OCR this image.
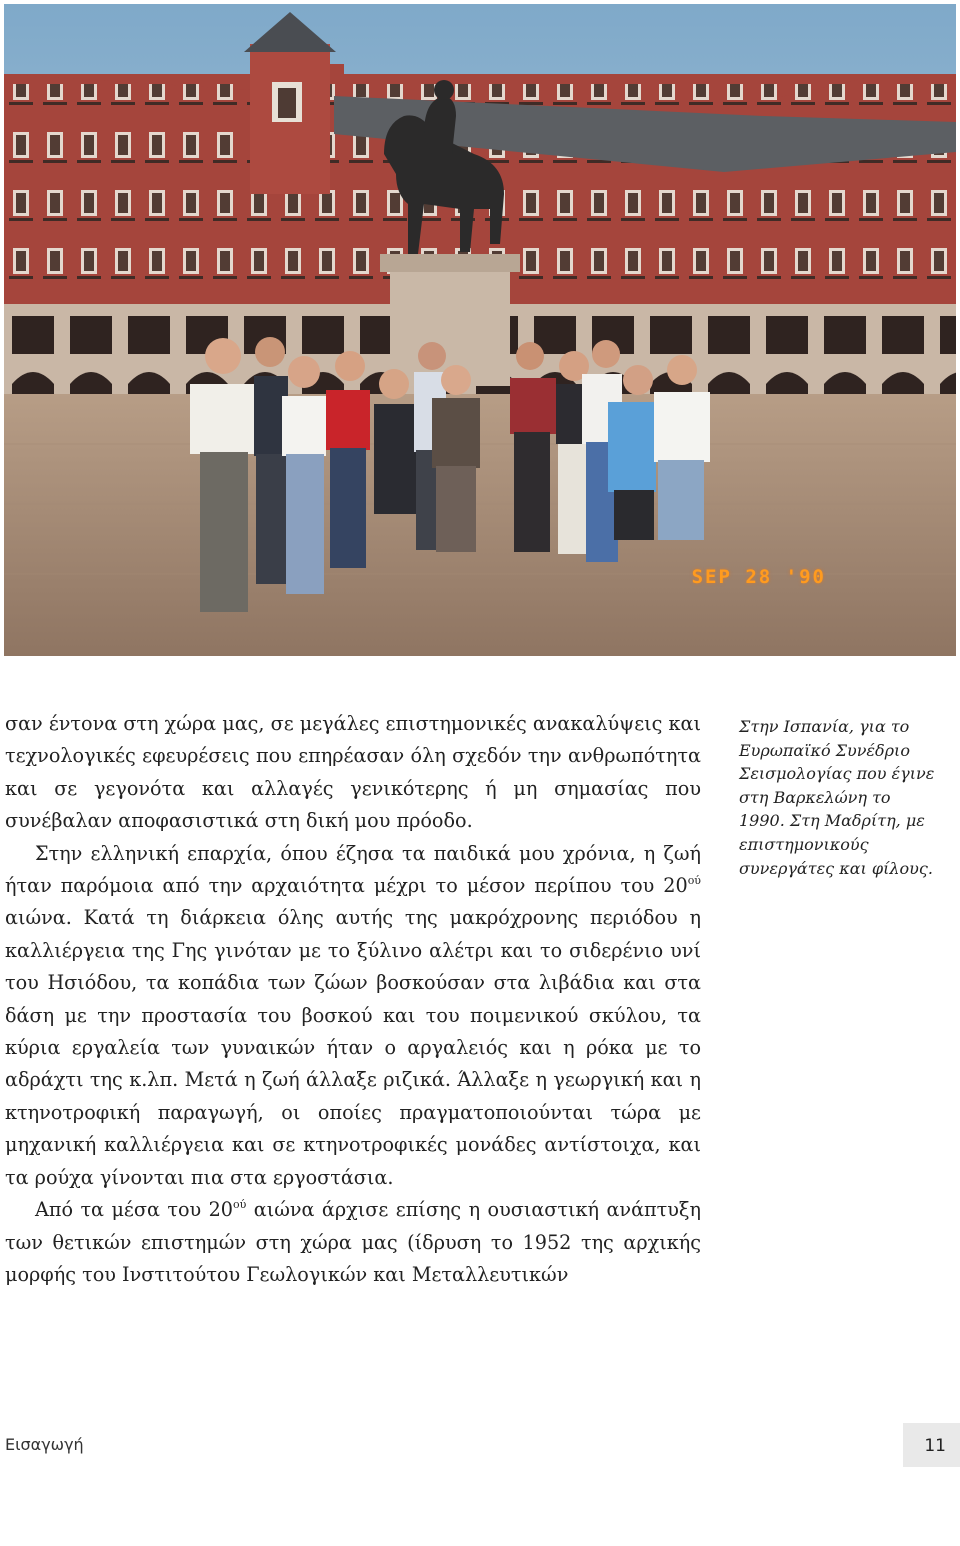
SEP 28 '90

σαν έντονα στη χώρα μας, σε μεγάλες επιστημονικές ανακαλύψεις και τεχνολογικές εφευρέσεις που επηρέασαν όλη σχεδόν την ανθρωπότητα και σε γεγονότα και αλλαγές γενικότερης ή μη σημασίας που συνέβαλαν αποφασιστικά στη δική μου πρόοδο.

Στην ελληνική επαρχία, όπου έζησα τα παιδικά μου χρόνια, η ζωή ήταν παρόμοια από την αρχαιότητα μέχρι το μέσον περίπου του $20^{oύ}$ αιώνα. Κατά τη διάρκεια όλης αυτής της μακρόχρονης περιόδου η καλλιέργεια της Γης γινόταν με το ξύλινο αλέτρι και το σιδερένιο υνί του Ησιόδου, τα κοπάδια των ζώων βοσκούσαν στα λιβάδια και στα δάση με την προστασία του βοσκού και του ποιμενικού σκύλου, τα κύρια εργαλεία των γυναικών ήταν ο αργαλειός και η ρόκα με το αδράχτι της κ.λπ. Μετά η ζωή άλλαξε ριζικά. Άλλαξε η γεωργική και η κτηνοτροφική παραγωγή, οι οποίες πραγματοποιούνται τώρα με μηχανική καλλιέργεια και σε κτηνοτροφικές μονάδες αντίστοιχα, και τα ρούχα γίνονται πια στα εργοστάσια.

Από τα μέσα του $20^{oύ}$ αιώνα άρχισε επίσης η ουσιαστική ανάπτυξη των θετικών επιστημών στη χώρα μας (ίδρυση το 1952 της αρχικής μορφής του Ινστιτούτου Γεωλογικών και Μεταλλευτικών

Στην Ισπανία, για το Ευρωπαϊκό Συνέδριο Σεισμολογίας που έγινε στη Βαρκελώνη το 1990. Στη Μαδρίτη, με επιστημονικούς συνεργάτες και φίλους.
Εισαγωγή	11
